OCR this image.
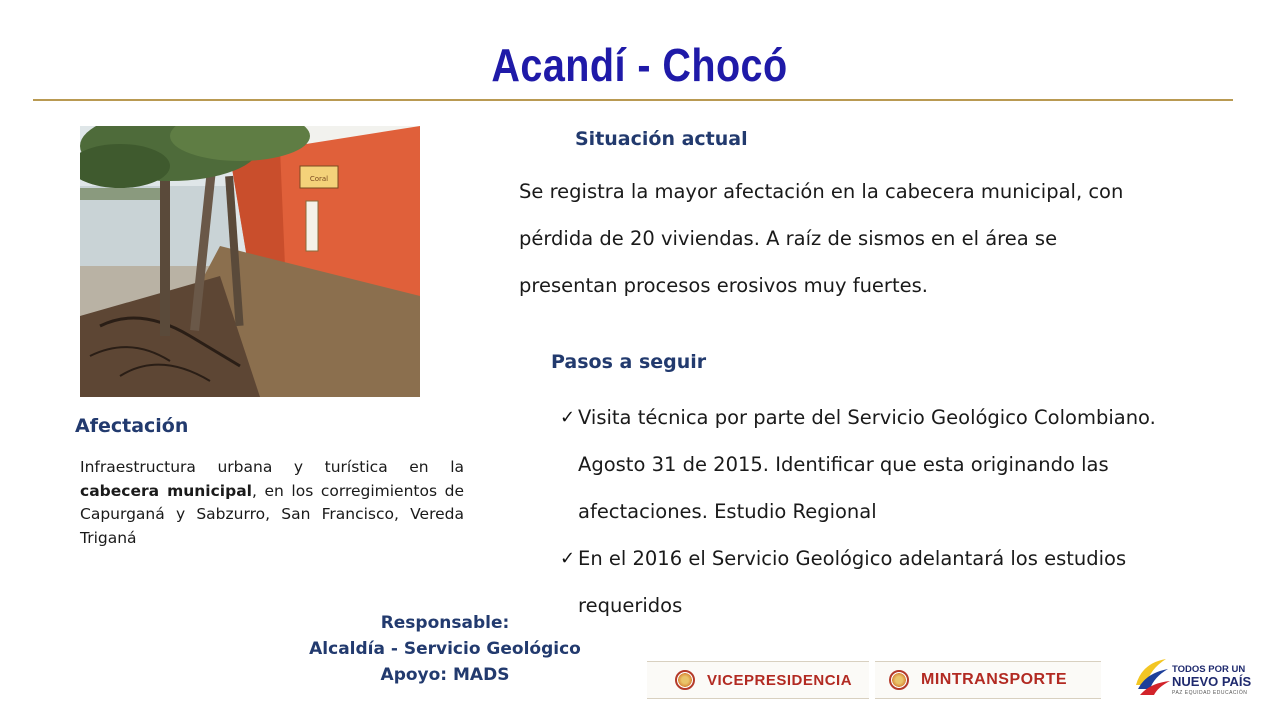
Acandí - Chocó
Coral
Situación actual
Se registra la mayor afectación en la cabecera municipal, con
pérdida de 20 viviendas. A raíz de sismos en el área se
presentan procesos erosivos muy fuertes.
Pasos a seguir
✓ Visita técnica por parte del Servicio Geológico Colombiano.
Agosto 31 de 2015. Identificar que esta originando las
afectaciones. Estudio Regional
✓ En el 2016 el Servicio Geológico adelantará los estudios
requeridos
Afectación
Infraestructura urbana y turística en la cabecera municipal, en los corregimientos de Capurganá y Sabzurro, San Francisco, Vereda Triganá
Responsable:
Alcaldía - Servicio Geológico
Apoyo: MADS	VICEPRESIDENCIA	MINTRANSPORTE
TODOS POR UN
NUEVO PAÍS
PAZ EQUIDAD EDUCACIÓN
